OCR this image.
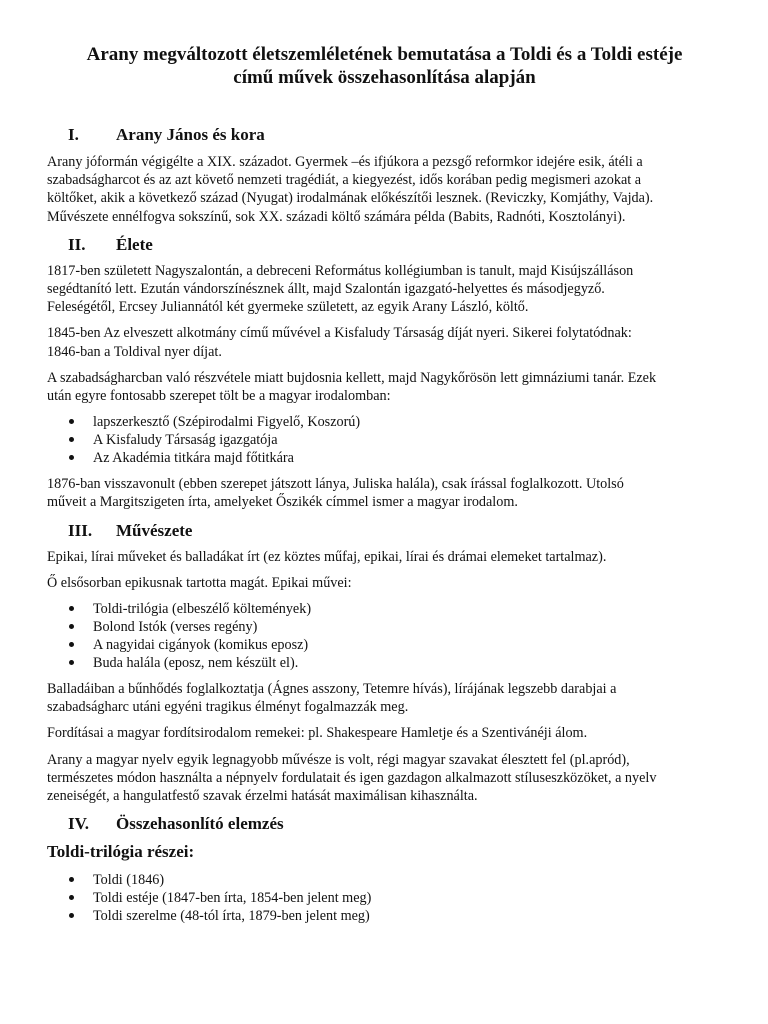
Arany megváltozott életszemléletének bemutatása a Toldi és a Toldi estéje
című művek összehasonlítása alapján
I.	Arany János és kora
Arany jóformán végigélte a XIX. századot. Gyermek –és ifjúkora a pezsgő reformkor idejére esik, átéli a
szabadságharcot és az azt követő nemzeti tragédiát, a kiegyezést, idős korában pedig megismeri azokat a
költőket, akik a következő század (Nyugat) irodalmának előkészítői lesznek. (Reviczky, Komjáthy, Vajda).
Művészete ennélfogva sokszínű, sok XX. századi költő számára példa (Babits, Radnóti, Kosztolányi).
II.	Élete
1817-ben született Nagyszalontán, a debreceni Református kollégiumban is tanult, majd Kisújszálláson
segédtanító lett. Ezután vándorszínésznek állt, majd Szalontán igazgató-helyettes és másodjegyző.
Feleségétől, Ercsey Juliannától két gyermeke született, az egyik Arany László, költő.
1845-ben Az elveszett alkotmány című művével a Kisfaludy Társaság díját nyeri. Sikerei folytatódnak:
1846-ban a Toldival nyer díjat.
A szabadságharcban való részvétele miatt bujdosnia kellett, majd Nagykőrösön lett gimnáziumi tanár. Ezek
után egyre fontosabb szerepet tölt be a magyar irodalomban:
lapszerkesztő (Szépirodalmi Figyelő, Koszorú)
A Kisfaludy Társaság igazgatója
Az Akadémia titkára majd főtitkára
1876-ban visszavonult (ebben szerepet játszott lánya, Juliska halála), csak írással foglalkozott. Utolsó
műveit a Margitszigeten írta, amelyeket Őszikék címmel ismer a magyar irodalom.
III.	Művészete
Epikai, lírai műveket és balladákat írt (ez köztes műfaj, epikai, lírai és drámai elemeket tartalmaz).
Ő elsősorban epikusnak tartotta magát. Epikai művei:
Toldi-trilógia (elbeszélő költemények)
Bolond Istók (verses regény)
A nagyidai cigányok (komikus eposz)
Buda halála (eposz, nem készült el).
Balladáiban a bűnhődés foglalkoztatja (Ágnes asszony, Tetemre hívás), lírájának legszebb darabjai a
szabadságharc utáni egyéni tragikus élményt fogalmazzák meg.
Fordításai a magyar fordítsirodalom remekei: pl. Shakespeare Hamletje és a Szentivánéji álom.
Arany a magyar nyelv egyik legnagyobb művésze is volt, régi magyar szavakat élesztett fel (pl.apród),
természetes módon használta a népnyelv fordulatait és igen gazdagon alkalmazott stíluseszközöket, a nyelv
zeneiségét, a hangulatfestő szavak érzelmi hatását maximálisan kihasználta.
IV.	Összehasonlító elemzés
Toldi-trilógia részei:
Toldi (1846)
Toldi estéje (1847-ben írta, 1854-ben jelent meg)
Toldi szerelme (48-tól írta, 1879-ben jelent meg)
